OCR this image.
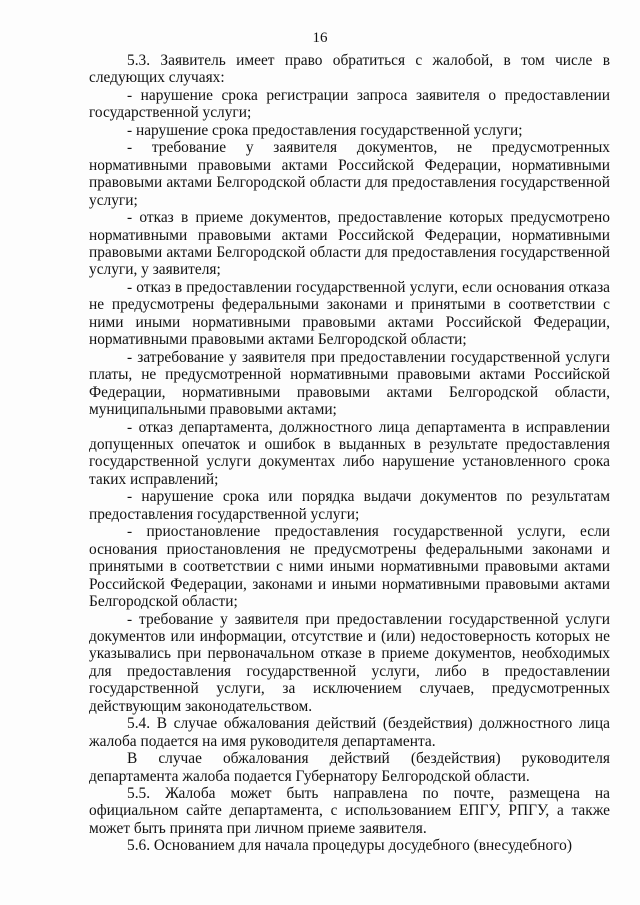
16

5.3. Заявитель имеет право обратиться с жалобой, в том числе в следующих случаях:

- нарушение срока регистрации запроса заявителя о предоставлении государственной услуги;

- нарушение срока предоставления государственной услуги;

- требование у заявителя документов, не предусмотренных нормативными правовыми актами Российской Федерации, нормативными правовыми актами Белгородской области для предоставления государственной услуги;

- отказ в приеме документов, предоставление которых предусмотрено нормативными правовыми актами Российской Федерации, нормативными правовыми актами Белгородской области для предоставления государственной услуги, у заявителя;

- отказ в предоставлении государственной услуги, если основания отказа не предусмотрены федеральными законами и принятыми в соответствии с ними иными нормативными правовыми актами Российской Федерации, нормативными правовыми актами Белгородской области;

- затребование у заявителя при предоставлении государственной услуги платы, не предусмотренной нормативными правовыми актами Российской Федерации, нормативными правовыми актами Белгородской области, муниципальными правовыми актами;

- отказ департамента, должностного лица департамента в исправлении допущенных опечаток и ошибок в выданных в результате предоставления государственной услуги документах либо нарушение установленного срока таких исправлений;

- нарушение срока или порядка выдачи документов по результатам предоставления государственной услуги;

- приостановление предоставления государственной услуги, если основания приостановления не предусмотрены федеральными законами и принятыми в соответствии с ними иными нормативными правовыми актами Российской Федерации, законами и иными нормативными правовыми актами Белгородской области;

- требование у заявителя при предоставлении государственной услуги документов или информации, отсутствие и (или) недостоверность которых не указывались при первоначальном отказе в приеме документов, необходимых для предоставления государственной услуги, либо в предоставлении государственной услуги, за исключением случаев, предусмотренных действующим законодательством.

5.4. В случае обжалования действий (бездействия) должностного лица жалоба подается на имя руководителя департамента.

В случае обжалования действий (бездействия) руководителя департамента жалоба подается Губернатору Белгородской области.

5.5. Жалоба может быть направлена по почте, размещена на официальном сайте департамента, с использованием ЕПГУ, РПГУ, а также может быть принята при личном приеме заявителя.

5.6. Основанием для начала процедуры досудебного (внесудебного)
